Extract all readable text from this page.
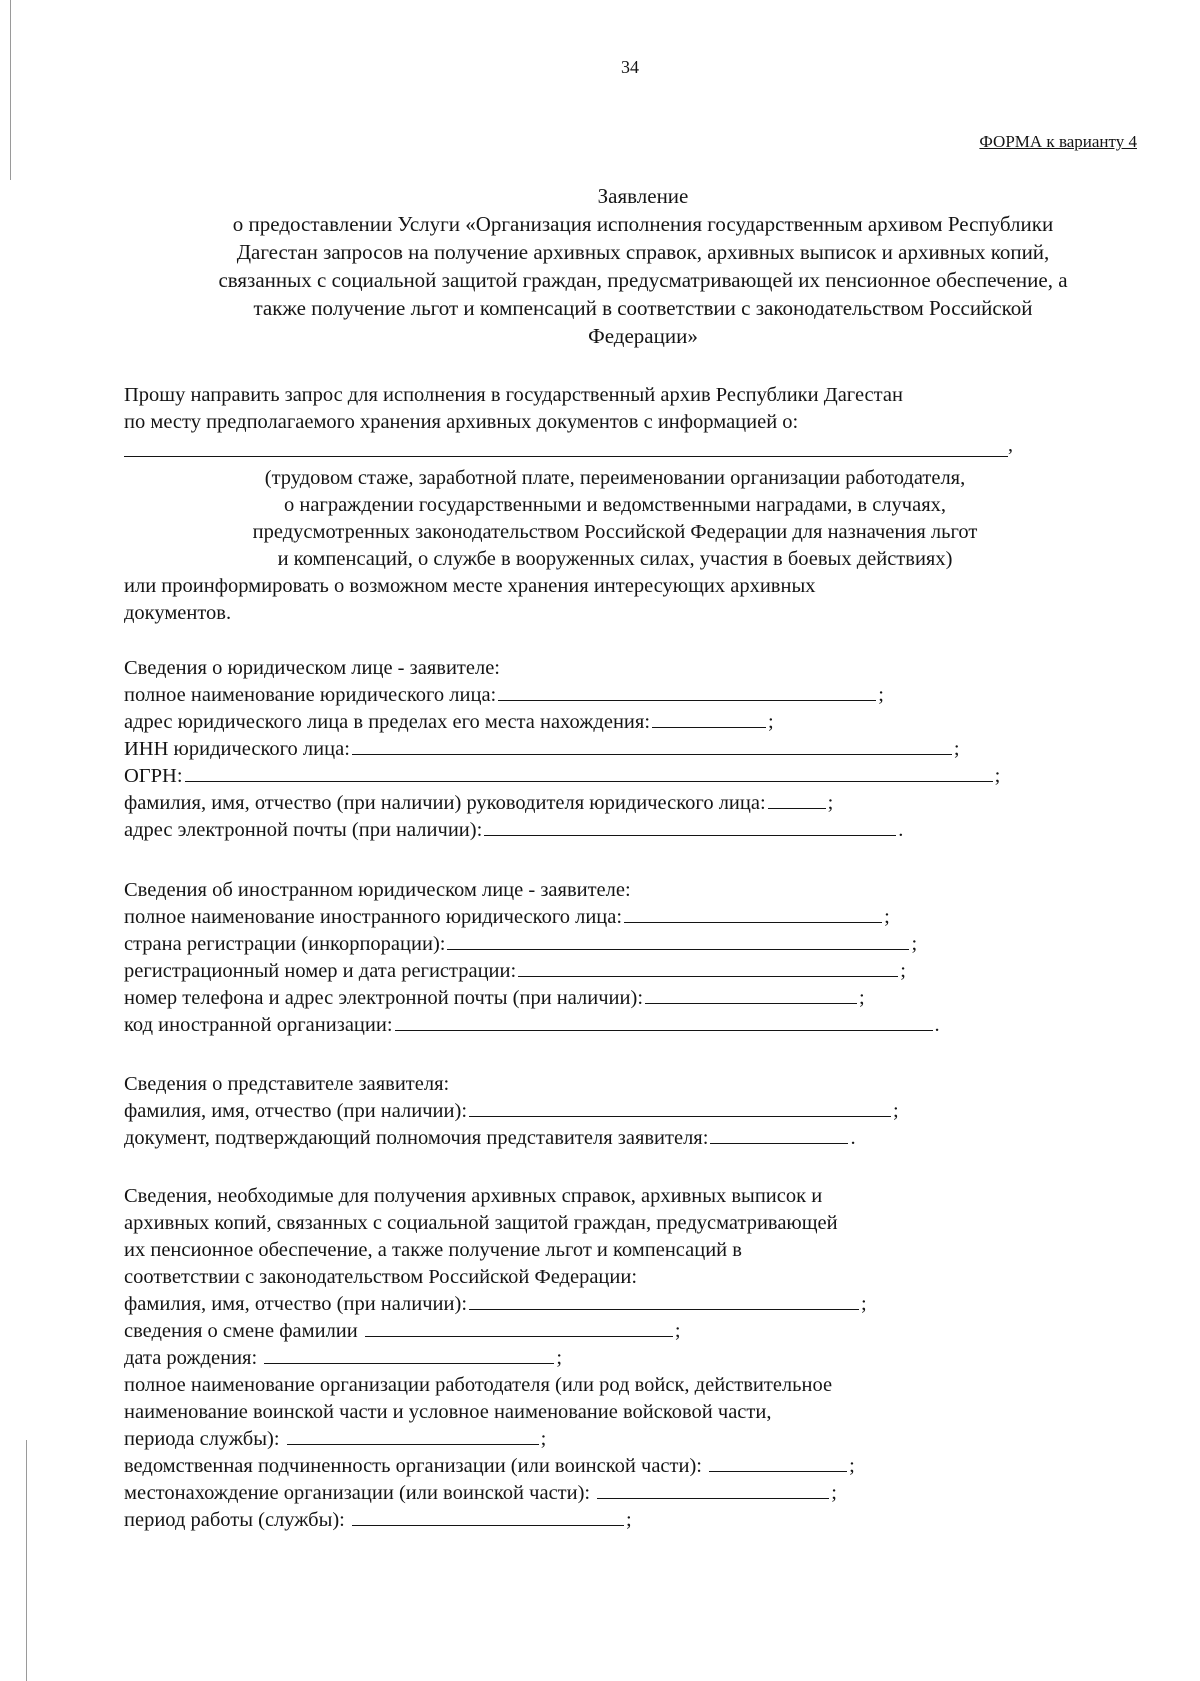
34
ФОРМА к варианту 4
Заявление
о предоставлении Услуги «Организация исполнения государственным архивом Республики
Дагестан запросов на получение архивных справок, архивных выписок и архивных копий,
связанных с социальной защитой граждан, предусматривающей их пенсионное обеспечение, а
также получение льгот и компенсаций в соответствии с законодательством Российской
Федерации»
Прошу направить запрос для исполнения в государственный архив Республики Дагестан
по месту предполагаемого хранения архивных документов с информацией о:
,
(трудовом стаже, заработной плате, переименовании организации работодателя,
о награждении государственными и ведомственными наградами, в случаях,
предусмотренных законодательством Российской Федерации для назначения льгот
и компенсаций, о службе в вооруженных силах, участия в боевых действиях)
или проинформировать о возможном месте хранения интересующих архивных
документов.
Сведения о юридическом лице - заявителе:
полное наименование юридического лица:	;
адрес юридического лица в пределах его места нахождения:	;
ИНН юридического лица:	;
ОГРН:	;
фамилия, имя, отчество (при наличии) руководителя юридического лица:	;
адрес электронной почты (при наличии):	.
Сведения об иностранном юридическом лице - заявителе:
полное наименование иностранного юридического лица:	;
страна регистрации (инкорпорации):	;
регистрационный номер и дата регистрации:	;
номер телефона и адрес электронной почты (при наличии):	;
код иностранной организации:	.
Сведения о представителе заявителя:
фамилия, имя, отчество (при наличии):	;
документ, подтверждающий полномочия представителя заявителя:	.
Сведения, необходимые для получения архивных справок, архивных выписок и
архивных копий, связанных с социальной защитой граждан, предусматривающей
их пенсионное обеспечение, а также получение льгот и компенсаций в
соответствии с законодательством Российской Федерации:
фамилия, имя, отчество (при наличии):	;
сведения о смене фамилии	;
дата рождения:	;
полное наименование организации работодателя (или род войск, действительное
наименование воинской части и условное наименование войсковой части,
периода службы):	;
ведомственная подчиненность организации (или воинской части):	;
местонахождение организации (или воинской части):	;
период работы (службы):	;
